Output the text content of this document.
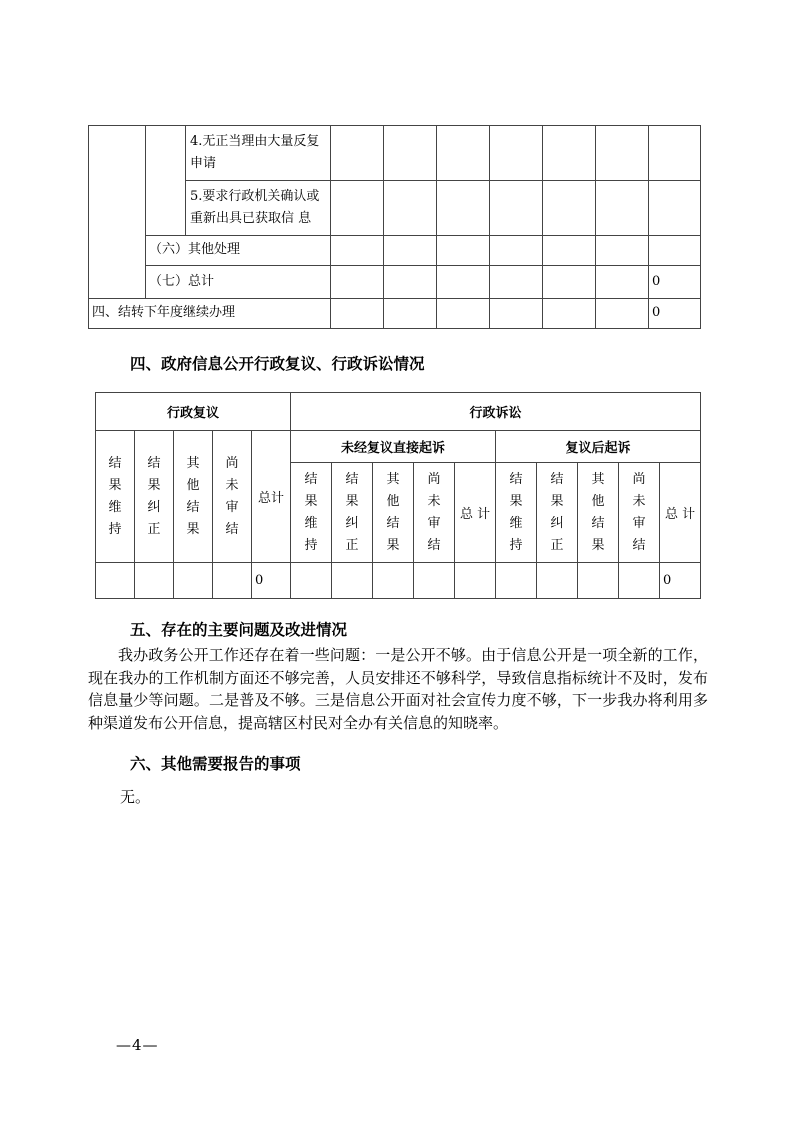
		4.无正当理由大量反复申请							
		5.要求行政机关确认或重新出具已获取信 息							
	（六）其他处理								
	（七）总计								0
四、结转下年度继续办理									0
四、政府信息公开行政复议、行政诉讼情况
行政复议					行政诉讼									

结果维持	结果纠正	其他结果	尚未审结	总计	未经复议直接起诉					复议后起诉				

					结果维持	结果纠正	其他结果	尚未审结	总 计	结果维持	结果纠正	其他结果	尚未审结	总 计
				0										0
五、存在的主要问题及改进情况
我办政务公开工作还存在着一些问题：一是公开不够。由于信息公开是一项全新的工作，现在我办的工作机制方面还不够完善，人员安排还不够科学，导致信息指标统计不及时，发布信息量少等问题。二是普及不够。三是信息公开面对社会宣传力度不够，下一步我办将利用多种渠道发布公开信息，提高辖区村民对全办有关信息的知晓率。
六、其他需要报告的事项
无。
—4—
